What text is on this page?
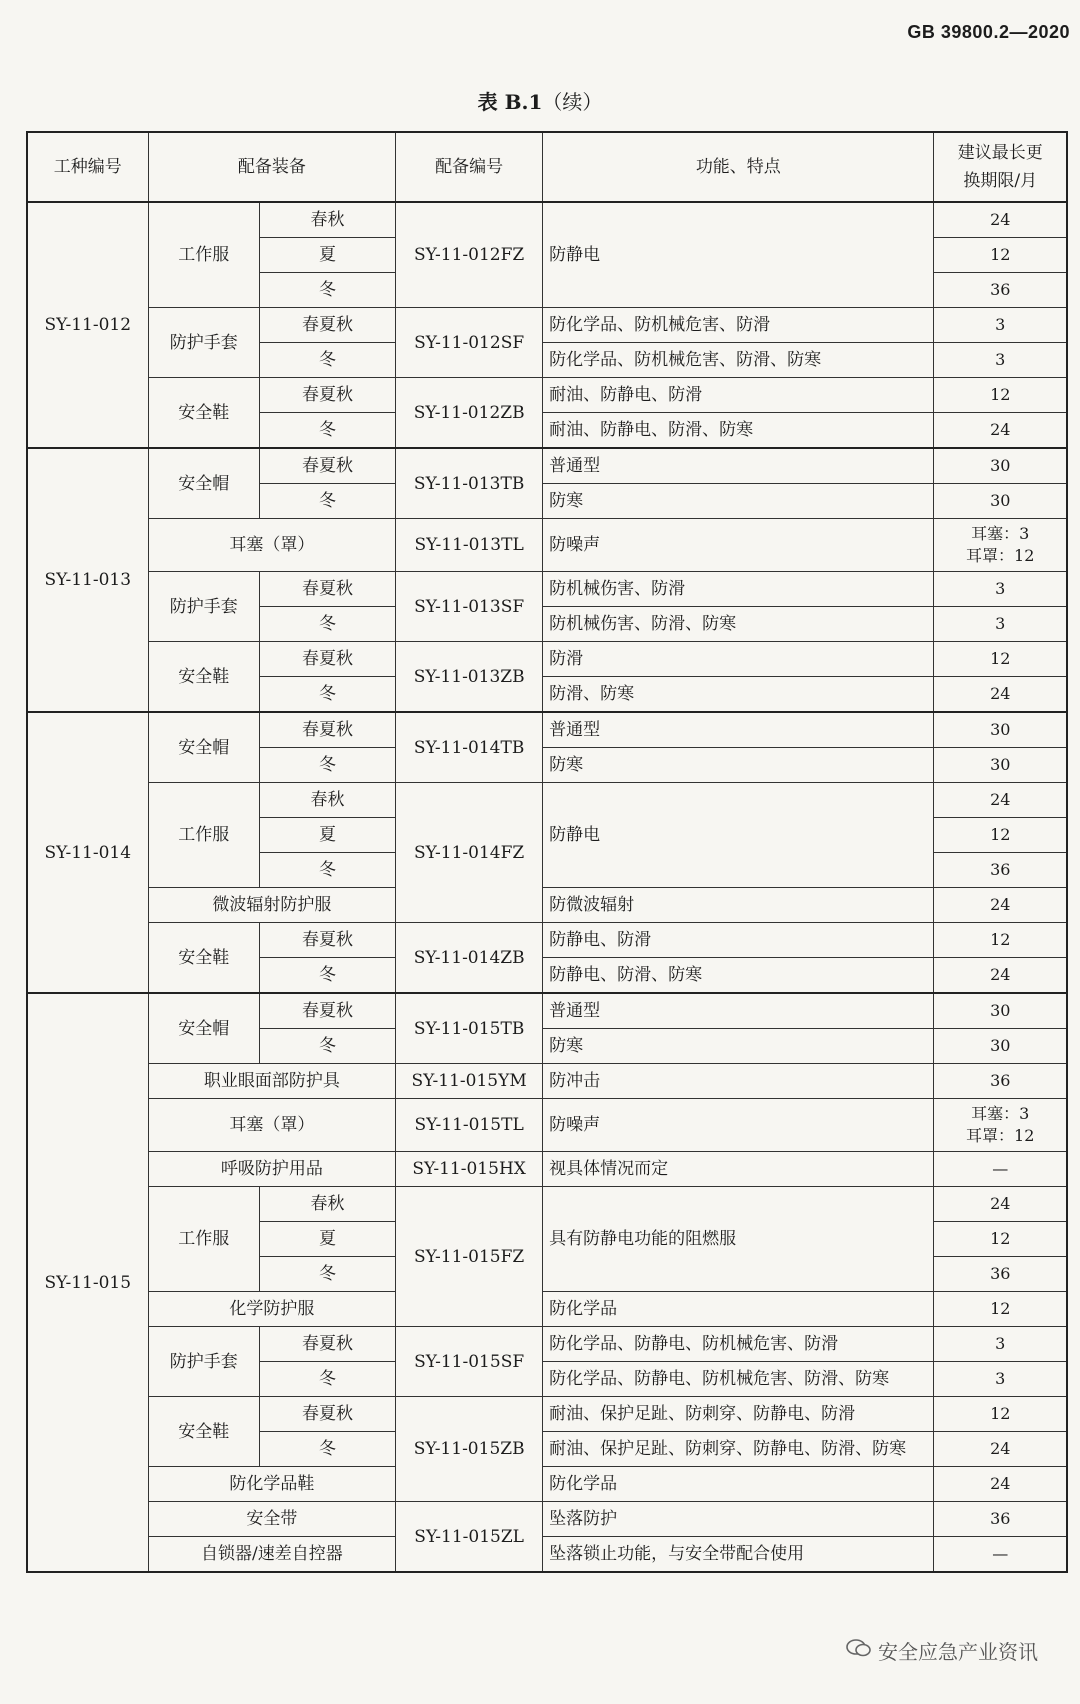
GB 39800.2—2020
表 B.1（续）
工种编号	配备装备		配备编号	功能、特点	建议最长更
换期限/月
SY-11-012	工作服	春秋	SY-11-012FZ	防静电	24
		夏			12
		冬			36
	防护手套	春夏秋	SY-11-012SF	防化学品、防机械危害、防滑	3
		冬		防化学品、防机械危害、防滑、防寒	3
	安全鞋	春夏秋	SY-11-012ZB	耐油、防静电、防滑	12
		冬		耐油、防静电、防滑、防寒	24
SY-11-013	安全帽	春夏秋	SY-11-013TB	普通型	30
		冬		防寒	30
	耳塞（罩）		SY-11-013TL	防噪声	耳塞：3
耳罩：12
	防护手套	春夏秋	SY-11-013SF	防机械伤害、防滑	3
		冬		防机械伤害、防滑、防寒	3
	安全鞋	春夏秋	SY-11-013ZB	防滑	12
		冬		防滑、防寒	24
SY-11-014	安全帽	春夏秋	SY-11-014TB	普通型	30
		冬		防寒	30
	工作服	春秋	SY-11-014FZ	防静电	24
		夏			12
		冬			36
	微波辐射防护服			防微波辐射	24
	安全鞋	春夏秋	SY-11-014ZB	防静电、防滑	12
		冬		防静电、防滑、防寒	24
SY-11-015	安全帽	春夏秋	SY-11-015TB	普通型	30
		冬		防寒	30
	职业眼面部防护具		SY-11-015YM	防冲击	36
	耳塞（罩）		SY-11-015TL	防噪声	耳塞：3
耳罩：12
	呼吸防护用品		SY-11-015HX	视具体情况而定	—
	工作服	春秋	SY-11-015FZ	具有防静电功能的阻燃服	24
		夏			12
		冬			36
	化学防护服			防化学品	12
	防护手套	春夏秋	SY-11-015SF	防化学品、防静电、防机械危害、防滑	3
		冬		防化学品、防静电、防机械危害、防滑、防寒	3
	安全鞋	春夏秋	SY-11-015ZB	耐油、保护足趾、防刺穿、防静电、防滑	12
		冬		耐油、保护足趾、防刺穿、防静电、防滑、防寒	24
	防化学品鞋			防化学品	24
	安全带		SY-11-015ZL	坠落防护	36
	自锁器/速差自控器			坠落锁止功能，与安全带配合使用	—
安全应急产业资讯
